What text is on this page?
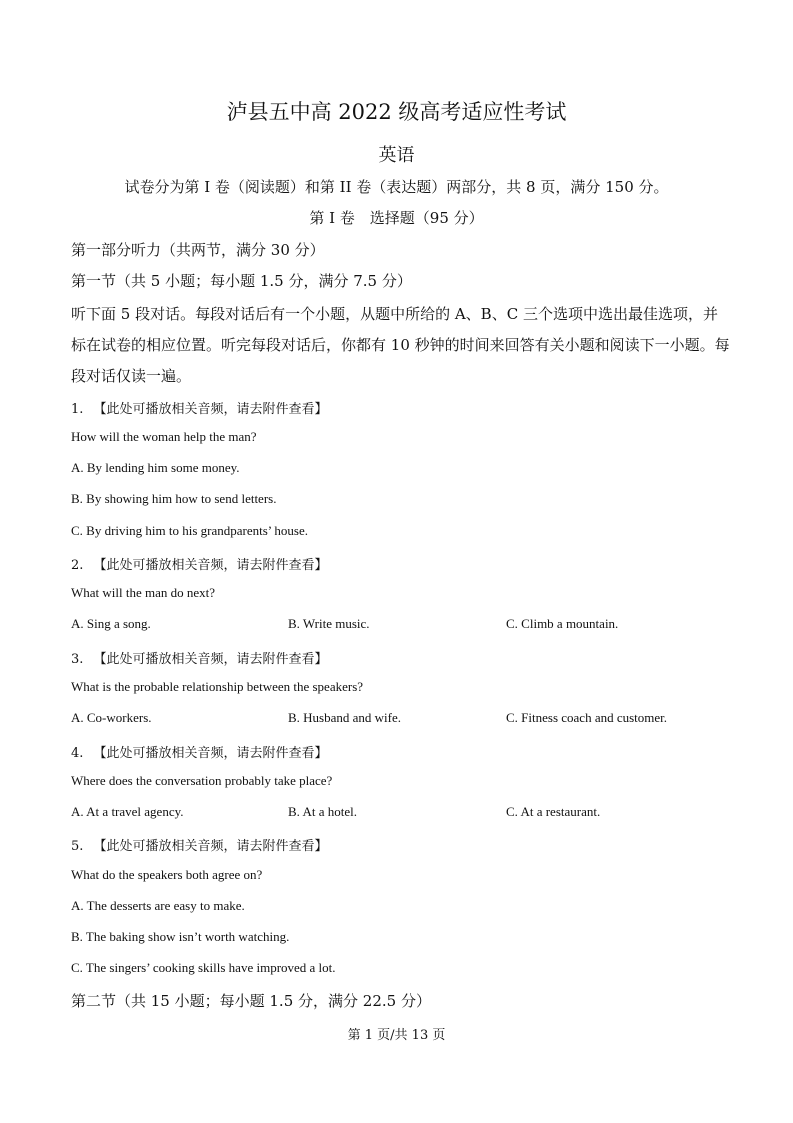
泸县五中高 2022 级高考适应性考试
英语
试卷分为第 I 卷（阅读题）和第 II 卷（表达题）两部分，共 8 页，满分 150 分。
第 I 卷　选择题（95 分）
第一部分听力（共两节，满分 30 分）
第一节（共 5 小题；每小题 1.5 分，满分 7.5 分）
听下面 5 段对话。每段对话后有一个小题，从题中所给的 A、B、C 三个选项中选出最佳选项，并标在试卷的相应位置。听完每段对话后，你都有 10 秒钟的时间来回答有关小题和阅读下一小题。每段对话仅读一遍。
1. 【此处可播放相关音频，请去附件查看】
How will the woman help the man?
A. By lending him some money.
B. By showing him how to send letters.
C. By driving him to his grandparents’ house.
2. 【此处可播放相关音频，请去附件查看】
What will the man do next?
A. Sing a song.	B. Write music.	C. Climb a mountain.
3. 【此处可播放相关音频，请去附件查看】
What is the probable relationship between the speakers?
A. Co-workers.	B. Husband and wife.	C. Fitness coach and customer.
4. 【此处可播放相关音频，请去附件查看】
Where does the conversation probably take place?
A. At a travel agency.	B. At a hotel.	C. At a restaurant.
5. 【此处可播放相关音频，请去附件查看】
What do the speakers both agree on?
A. The desserts are easy to make.
B. The baking show isn’t worth watching.
C. The singers’ cooking skills have improved a lot.
第二节（共 15 小题；每小题 1.5 分，满分 22.5 分）
第 1 页/共 13 页
